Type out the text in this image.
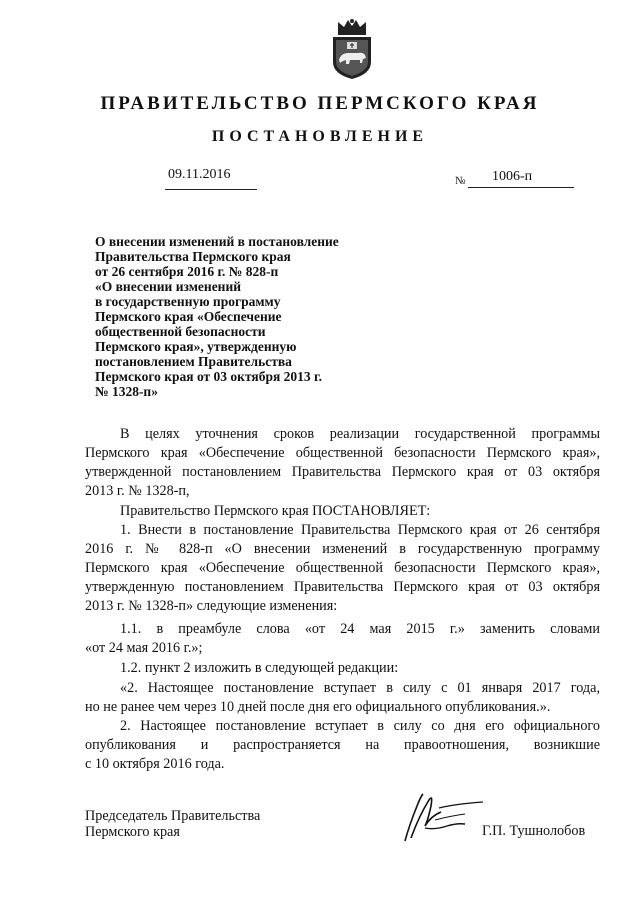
ПРАВИТЕЛЬСТВО ПЕРМСКОГО КРАЯ
ПОСТАНОВЛЕНИЕ
09.11.2016	№ 1006-п
О внесении изменений в постановление
Правительства Пермского края
от 26 сентября 2016 г. № 828-п
«О внесении изменений
в государственную программу
Пермского края «Обеспечение
общественной безопасности
Пермского края», утвержденную
постановлением Правительства
Пермского края от 03 октября 2013 г.
№ 1328-п»
В целях уточнения сроков реализации государственной программы
Пермского края «Обеспечение общественной безопасности Пермского края»,
утвержденной постановлением Правительства Пермского края от 03 октября
2013 г. № 1328-п,
Правительство Пермского края ПОСТАНОВЛЯЕТ:
1. Внести в постановление Правительства Пермского края от 26 сентября
2016 г. № 828-п «О внесении изменений в государственную программу
Пермского края «Обеспечение общественной безопасности Пермского края»,
утвержденную постановлением Правительства Пермского края от 03 октября
2013 г. № 1328-п» следующие изменения:
1.1. в преамбуле слова «от 24 мая 2015 г.» заменить словами
«от 24 мая 2016 г.»;
1.2. пункт 2 изложить в следующей редакции:
«2. Настоящее постановление вступает в силу с 01 января 2017 года,
но не ранее чем через 10 дней после дня его официального опубликования.».
2. Настоящее постановление вступает в силу со дня его официального
опубликования и распространяется на правоотношения, возникшие
с 10 октября 2016 года.
Председатель Правительства
Пермского края	Г.П. Тушнолобов
